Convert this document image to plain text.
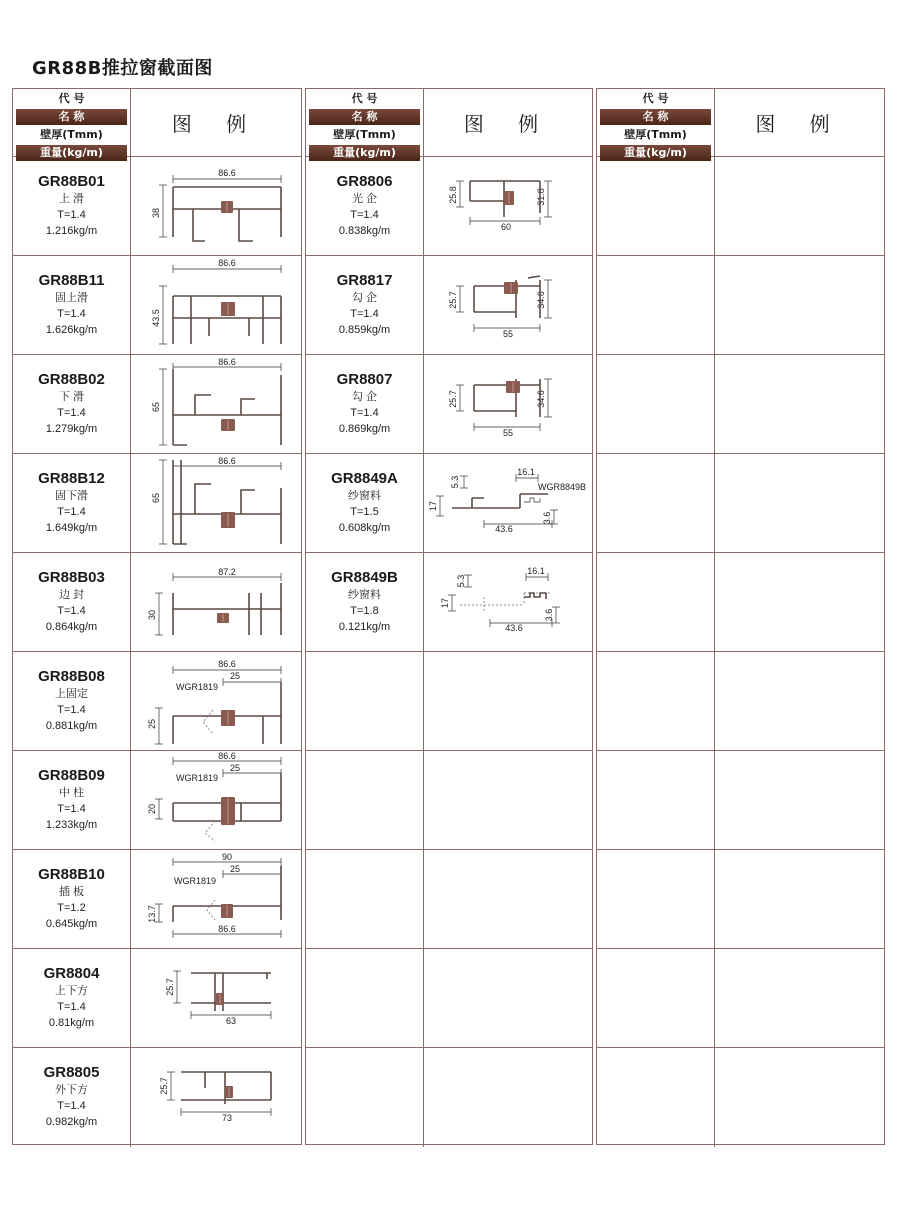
GR88B推拉窗截面图
代 号
名 称
壁厚(Tmm)
重量(kg/m)
图 例
GR88B01
上 滑
T=1.4
1.216kg/m
86.6
38
GR88B11
固上滑
T=1.4
1.626kg/m
86.6
43.5
GR88B02
下 滑
T=1.4
1.279kg/m
86.6
65
GR88B12
固下滑
T=1.4
1.649kg/m
86.6
65
GR88B03
边 封
T=1.4
0.864kg/m
87.2
30
GR88B08
上固定
T=1.4
0.881kg/m
86.6
25
WGR1819
25
GR88B09
中 柱
T=1.4
1.233kg/m
86.6
25
WGR1819
20
GR88B10
插 板
T=1.2
0.645kg/m
90
25
WGR1819
13.7
86.6
GR8804
上下方
T=1.4
0.81kg/m
25.7
63
GR8805
外下方
T=1.4
0.982kg/m
25.7
73
代 号
名 称
壁厚(Tmm)
重量(kg/m)
图 例
GR8806
光 企
T=1.4
0.838kg/m
25.8	31.8
60
GR8817
勾 企
T=1.4
0.859kg/m
25.7	34.6
55
GR8807
勾 企
T=1.4
0.869kg/m
25.7	34.6
55
GR8849A
纱窗料
T=1.5
0.608kg/m
5.3
16.1
WGR8849B
17
43.6
3.6
GR8849B
纱窗料
T=1.8
0.121kg/m
5.3
16.1
17
43.6
3.6
代 号
名 称
壁厚(Tmm)
重量(kg/m)
图 例
